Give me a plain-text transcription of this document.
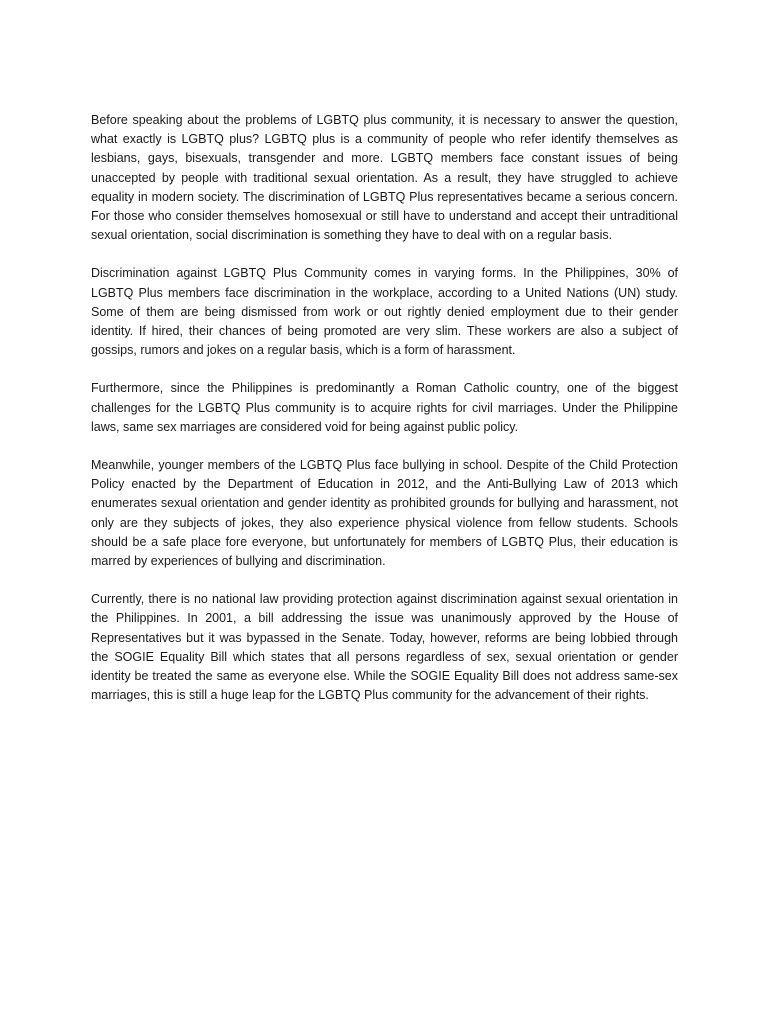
Before speaking about the problems of LGBTQ plus community, it is necessary to answer the question, what exactly is LGBTQ plus? LGBTQ plus is a community of people who refer identify themselves as lesbians, gays, bisexuals, transgender and more. LGBTQ members face constant issues of being unaccepted by people with traditional sexual orientation. As a result, they have struggled to achieve equality in modern society. The discrimination of LGBTQ Plus representatives became a serious concern. For those who consider themselves homosexual or still have to understand and accept their untraditional sexual orientation, social discrimination is something they have to deal with on a regular basis.

Discrimination against LGBTQ Plus Community comes in varying forms. In the Philippines, 30% of LGBTQ Plus members face discrimination in the workplace, according to a United Nations (UN) study. Some of them are being dismissed from work or out rightly denied employment due to their gender identity. If hired, their chances of being promoted are very slim. These workers are also a subject of gossips, rumors and jokes on a regular basis, which is a form of harassment.

Furthermore, since the Philippines is predominantly a Roman Catholic country, one of the biggest challenges for the LGBTQ Plus community is to acquire rights for civil marriages. Under the Philippine laws, same sex marriages are considered void for being against public policy.

Meanwhile, younger members of the LGBTQ Plus face bullying in school. Despite of the Child Protection Policy enacted by the Department of Education in 2012, and the Anti-Bullying Law of 2013 which enumerates sexual orientation and gender identity as prohibited grounds for bullying and harassment, not only are they subjects of jokes, they also experience physical violence from fellow students. Schools should be a safe place fore everyone, but unfortunately for members of LGBTQ Plus, their education is marred by experiences of bullying and discrimination.

Currently, there is no national law providing protection against discrimination against sexual orientation in the Philippines. In 2001, a bill addressing the issue was unanimously approved by the House of Representatives but it was bypassed in the Senate. Today, however, reforms are being lobbied through the SOGIE Equality Bill which states that all persons regardless of sex, sexual orientation or gender identity be treated the same as everyone else. While the SOGIE Equality Bill does not address same-sex marriages, this is still a huge leap for the LGBTQ Plus community for the advancement of their rights.
